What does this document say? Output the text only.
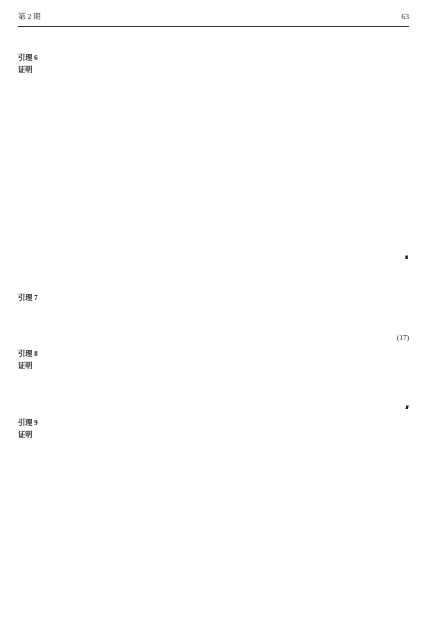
第 2 期	63
引理 6
证明
∎
引理 7
(17)
引理 8
证明
∎
引理 9
证明
